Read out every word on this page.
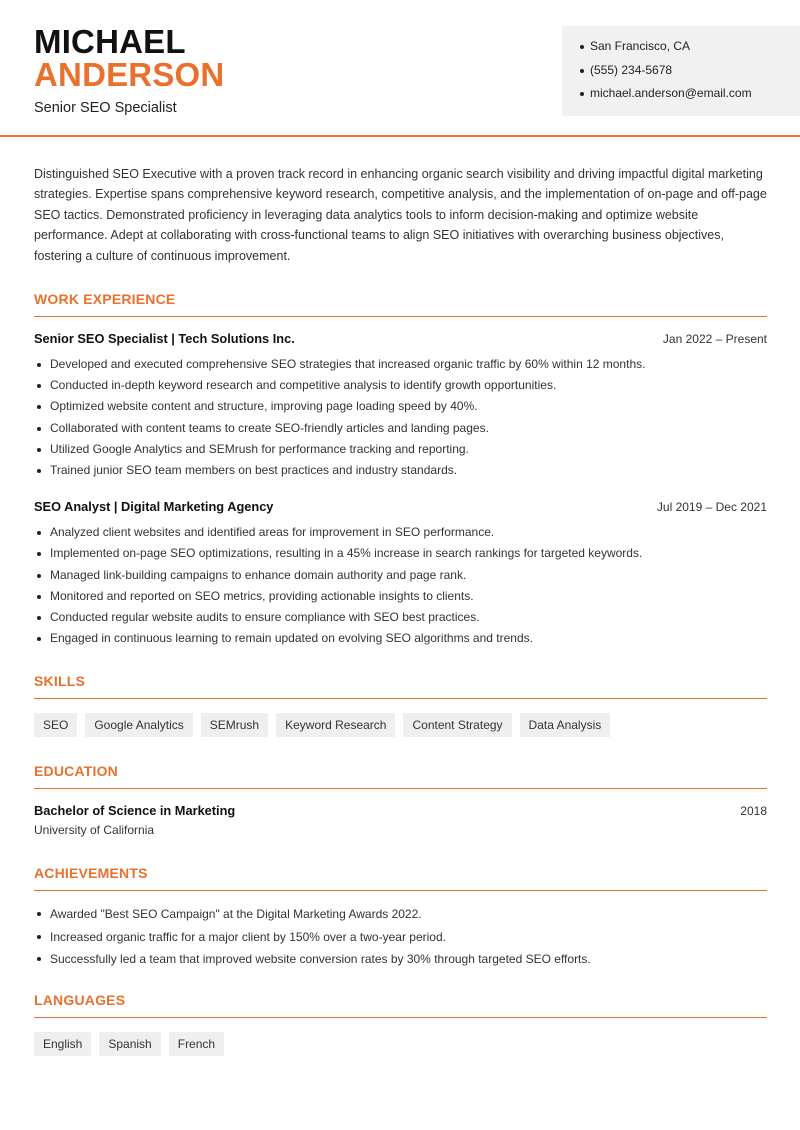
MICHAEL
ANDERSON
Senior SEO Specialist
San Francisco, CA
(555) 234-5678
michael.anderson@email.com

Distinguished SEO Executive with a proven track record in enhancing organic search visibility and driving impactful digital marketing strategies. Expertise spans comprehensive keyword research, competitive analysis, and the implementation of on-page and off-page SEO tactics. Demonstrated proficiency in leveraging data analytics tools to inform decision-making and optimize website performance. Adept at collaborating with cross-functional teams to align SEO initiatives with overarching business objectives, fostering a culture of continuous improvement.

WORK EXPERIENCE
Senior SEO Specialist | Tech Solutions Inc.	Jan 2022 – Present
Developed and executed comprehensive SEO strategies that increased organic traffic by 60% within 12 months.
Conducted in-depth keyword research and competitive analysis to identify growth opportunities.
Optimized website content and structure, improving page loading speed by 40%.
Collaborated with content teams to create SEO-friendly articles and landing pages.
Utilized Google Analytics and SEMrush for performance tracking and reporting.
Trained junior SEO team members on best practices and industry standards.
SEO Analyst | Digital Marketing Agency	Jul 2019 – Dec 2021
Analyzed client websites and identified areas for improvement in SEO performance.
Implemented on-page SEO optimizations, resulting in a 45% increase in search rankings for targeted keywords.
Managed link-building campaigns to enhance domain authority and page rank.
Monitored and reported on SEO metrics, providing actionable insights to clients.
Conducted regular website audits to ensure compliance with SEO best practices.
Engaged in continuous learning to remain updated on evolving SEO algorithms and trends.
SKILLS
SEO	Google Analytics	SEMrush	Keyword Research	Content Strategy	Data Analysis
EDUCATION
Bachelor of Science in Marketing	2018
University of California
ACHIEVEMENTS
Awarded "Best SEO Campaign" at the Digital Marketing Awards 2022.
Increased organic traffic for a major client by 150% over a two-year period.
Successfully led a team that improved website conversion rates by 30% through targeted SEO efforts.
LANGUAGES
English	Spanish	French
